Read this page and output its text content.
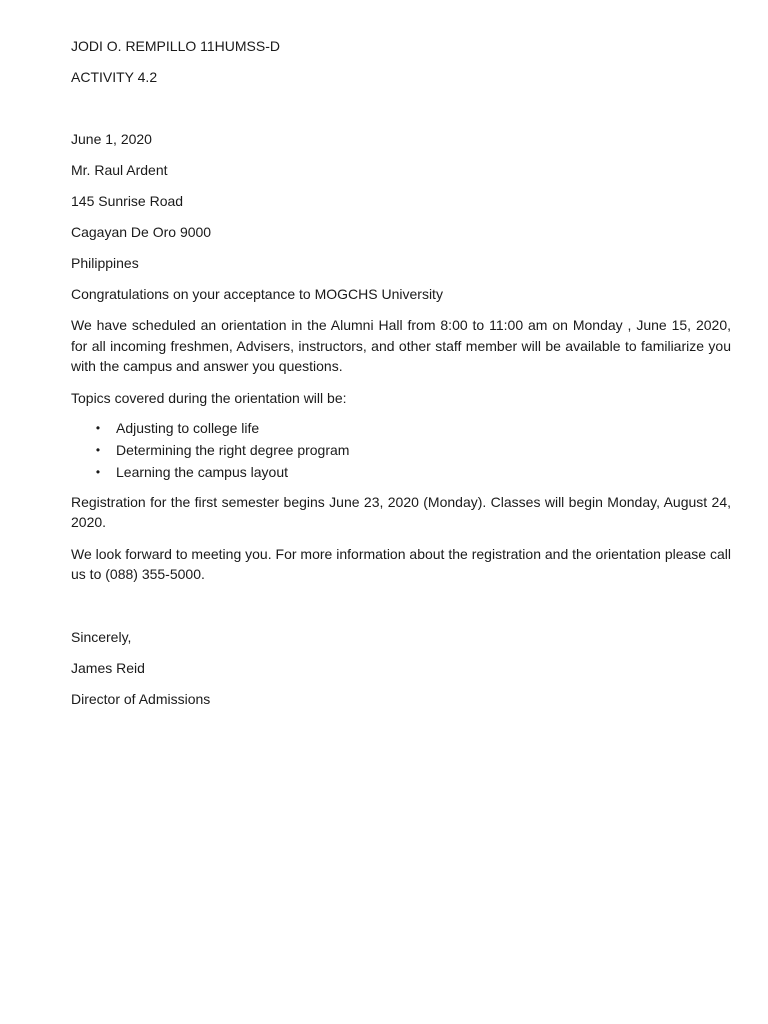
JODI O. REMPILLO 11HUMSS-D

ACTIVITY 4.2

June 1, 2020

Mr. Raul Ardent

145 Sunrise Road

Cagayan De Oro 9000

Philippines

Congratulations on your acceptance to MOGCHS University

We have scheduled an orientation in the Alumni Hall from 8:00 to 11:00 am on Monday , June 15, 2020, for all incoming freshmen, Advisers, instructors, and other staff member will be available to familiarize you with the campus and answer you questions.

Topics covered during the orientation will be:

• Adjusting to college life
• Determining the right degree program
• Learning the campus layout

Registration for the first semester begins June 23, 2020 (Monday). Classes will begin Monday, August 24, 2020.

We look forward to meeting you. For more information about the registration and the orientation please call us to (088) 355-5000.

Sincerely,

James Reid

Director of Admissions
